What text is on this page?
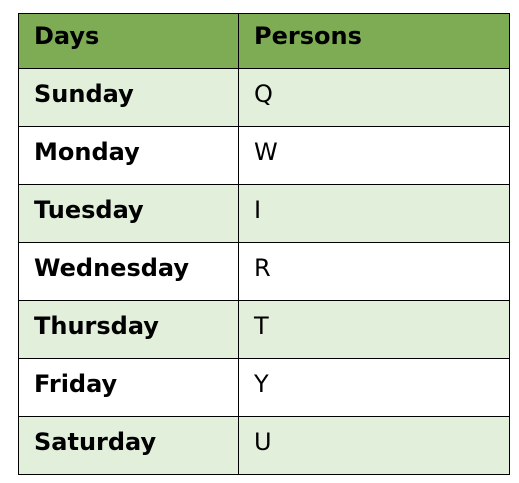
Days	Persons
Sunday	Q
Monday	W
Tuesday	I
Wednesday	R
Thursday	T
Friday	Y
Saturday	U
